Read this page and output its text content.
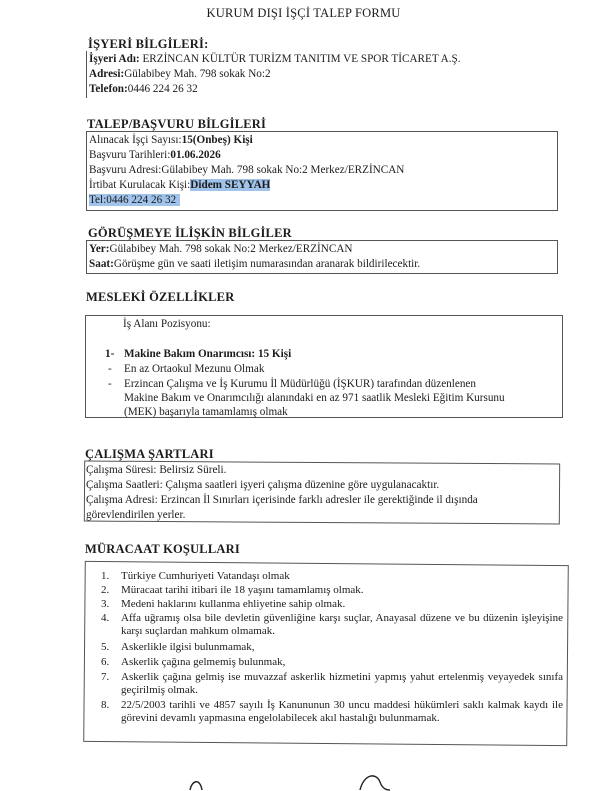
KURUM DIŞI İŞÇİ TALEP FORMU
İŞYERİ BİLGİLERİ:
İşyeri Adı: ERZİNCAN KÜLTÜR TURİZM TANITIM VE SPOR TİCARET A.Ş.
Adresi:Gülabibey Mah. 798 sokak No:2
Telefon:0446 224 26 32
TALEP/BAŞVURU BİLGİLERİ
Alınacak İşçi Sayısı:15(Onbeş) Kişi
Başvuru Tarihleri:01.06.2026
Başvuru Adresi:Gülabibey Mah. 798 sokak No:2 Merkez/ERZİNCAN
İrtibat Kurulacak Kişi:Didem SEYYAH
Tel:0446 224 26 32
GÖRÜŞMEYE İLİŞKİN BİLGİLER
Yer:Gülabibey Mah. 798 sokak No:2 Merkez/ERZİNCAN
Saat:Görüşme gün ve saati iletişim numarasından aranarak bildirilecektir.
MESLEKİ ÖZELLİKLER
İş Alanı Pozisyonu:
1- Makine Bakım Onarımcısı: 15 Kişi
- En az Ortaokul Mezunu Olmak
- Erzincan Çalışma ve İş Kurumu İl Müdürlüğü (İŞKUR) tarafından düzenlenen
Makine Bakım ve Onarımcılığı alanındaki en az 971 saatlik Mesleki Eğitim Kursunu
(MEK) başarıyla tamamlamış olmak
ÇALIŞMA ŞARTLARI
Çalışma Süresi: Belirsiz Süreli.
Çalışma Saatleri: Çalışma saatleri işyeri çalışma düzenine göre uygulanacaktır.
Çalışma Adresi: Erzincan İl Sınırları içerisinde farklı adresler ile gerektiğinde il dışında
görevlendirilen yerler.
MÜRACAAT KOŞULLARI
1. Türkiye Cumhuriyeti Vatandaşı olmak
2. Müracaat tarihi itibari ile 18 yaşını tamamlamış olmak.
3. Medeni haklarını kullanma ehliyetine sahip olmak.
4. Affa uğramış olsa bile devletin güvenliğine karşı suçlar, Anayasal düzene ve bu düzenin işleyişine karşı suçlardan mahkum olmamak.
5. Askerlikle ilgisi bulunmamak,
6. Askerlik çağına gelmemiş bulunmak,
7. Askerlik çağına gelmiş ise muvazzaf askerlik hizmetini yapmış yahut ertelenmiş veyayedek sınıfa geçirilmiş olmak.
8. 22/5/2003 tarihli ve 4857 sayılı İş Kanununun 30 uncu maddesi hükümleri saklı kalmak kaydı ile görevini devamlı yapmasına engelolabilecek akıl hastalığı bulunmamak.
